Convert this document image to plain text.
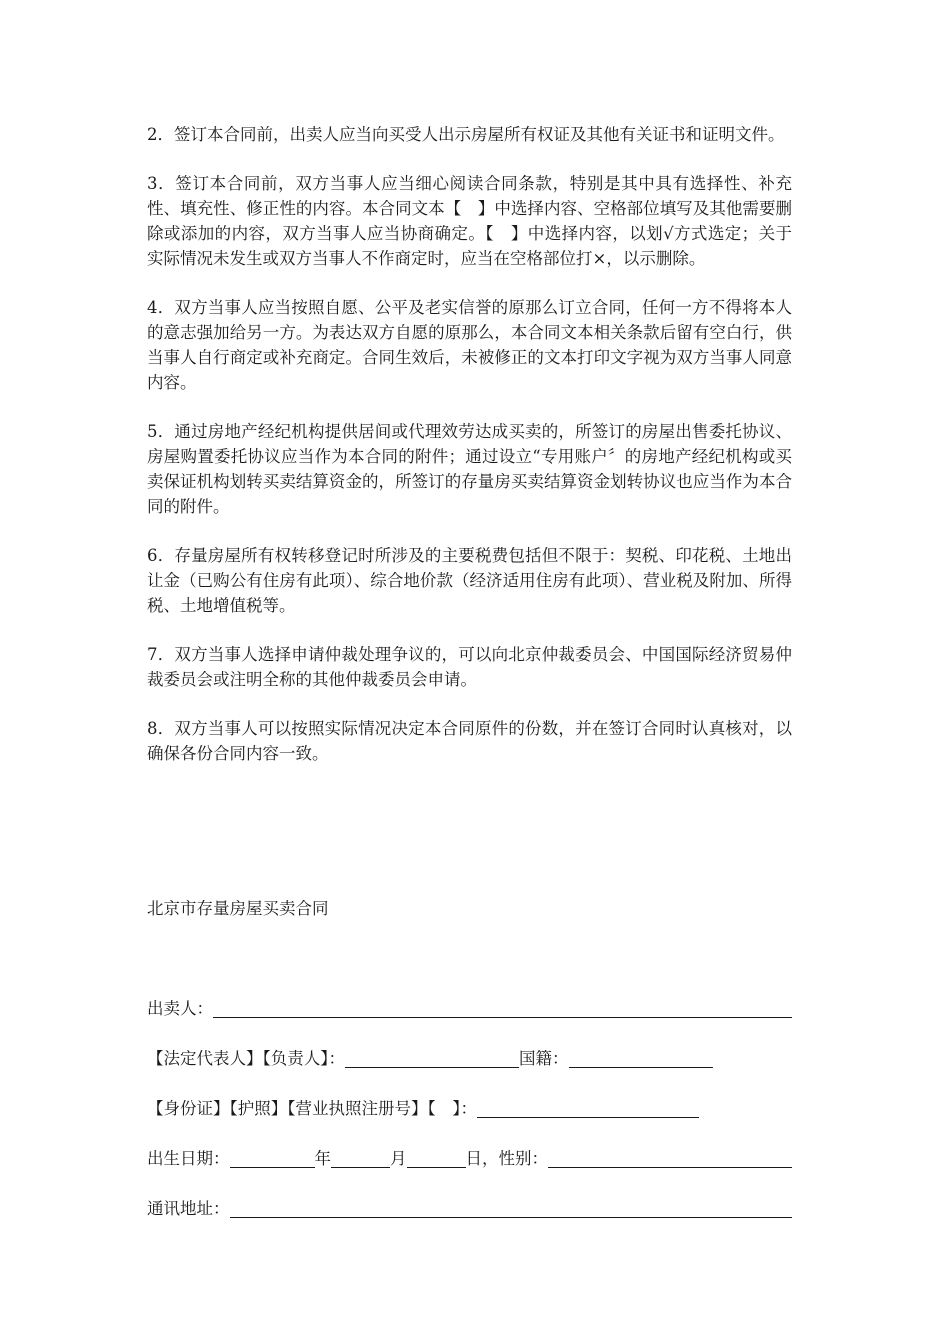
2．签订本合同前，出卖人应当向买受人出示房屋所有权证及其他有关证书和证明文件。

3．签订本合同前，双方当事人应当细心阅读合同条款，特别是其中具有选择性、补充性、填充性、修正性的内容。本合同文本【　】中选择内容、空格部位填写及其他需要删除或添加的内容，双方当事人应当协商确定。【　】中选择内容，以划√方式选定；关于实际情况未发生或双方当事人不作商定时，应当在空格部位打×，以示删除。

4．双方当事人应当按照自愿、公平及老实信誉的原那么订立合同，任何一方不得将本人的意志强加给另一方。为表达双方自愿的原那么，本合同文本相关条款后留有空白行，供当事人自行商定或补充商定。合同生效后，未被修正的文本打印文字视为双方当事人同意内容。

5．通过房地产经纪机构提供居间或代理效劳达成买卖的，所签订的房屋出售委托协议、房屋购置委托协议应当作为本合同的附件；通过设立“专用账户〞的房地产经纪机构或买卖保证机构划转买卖结算资金的，所签订的存量房买卖结算资金划转协议也应当作为本合同的附件。

6．存量房屋所有权转移登记时所涉及的主要税费包括但不限于：契税、印花税、土地出让金（已购公有住房有此项）、综合地价款（经济适用住房有此项）、营业税及附加、所得税、土地增值税等。

7．双方当事人选择申请仲裁处理争议的，可以向北京仲裁委员会、中国国际经济贸易仲裁委员会或注明全称的其他仲裁委员会申请。

8．双方当事人可以按照实际情况决定本合同原件的份数，并在签订合同时认真核对，以确保各份合同内容一致。

北京市存量房屋买卖合同

出卖人：
【法定代表人】【负责人】：	国籍：
【身份证】【护照】【营业执照注册号】【　】：
出生日期：	年	月	日，性别：
通讯地址：
